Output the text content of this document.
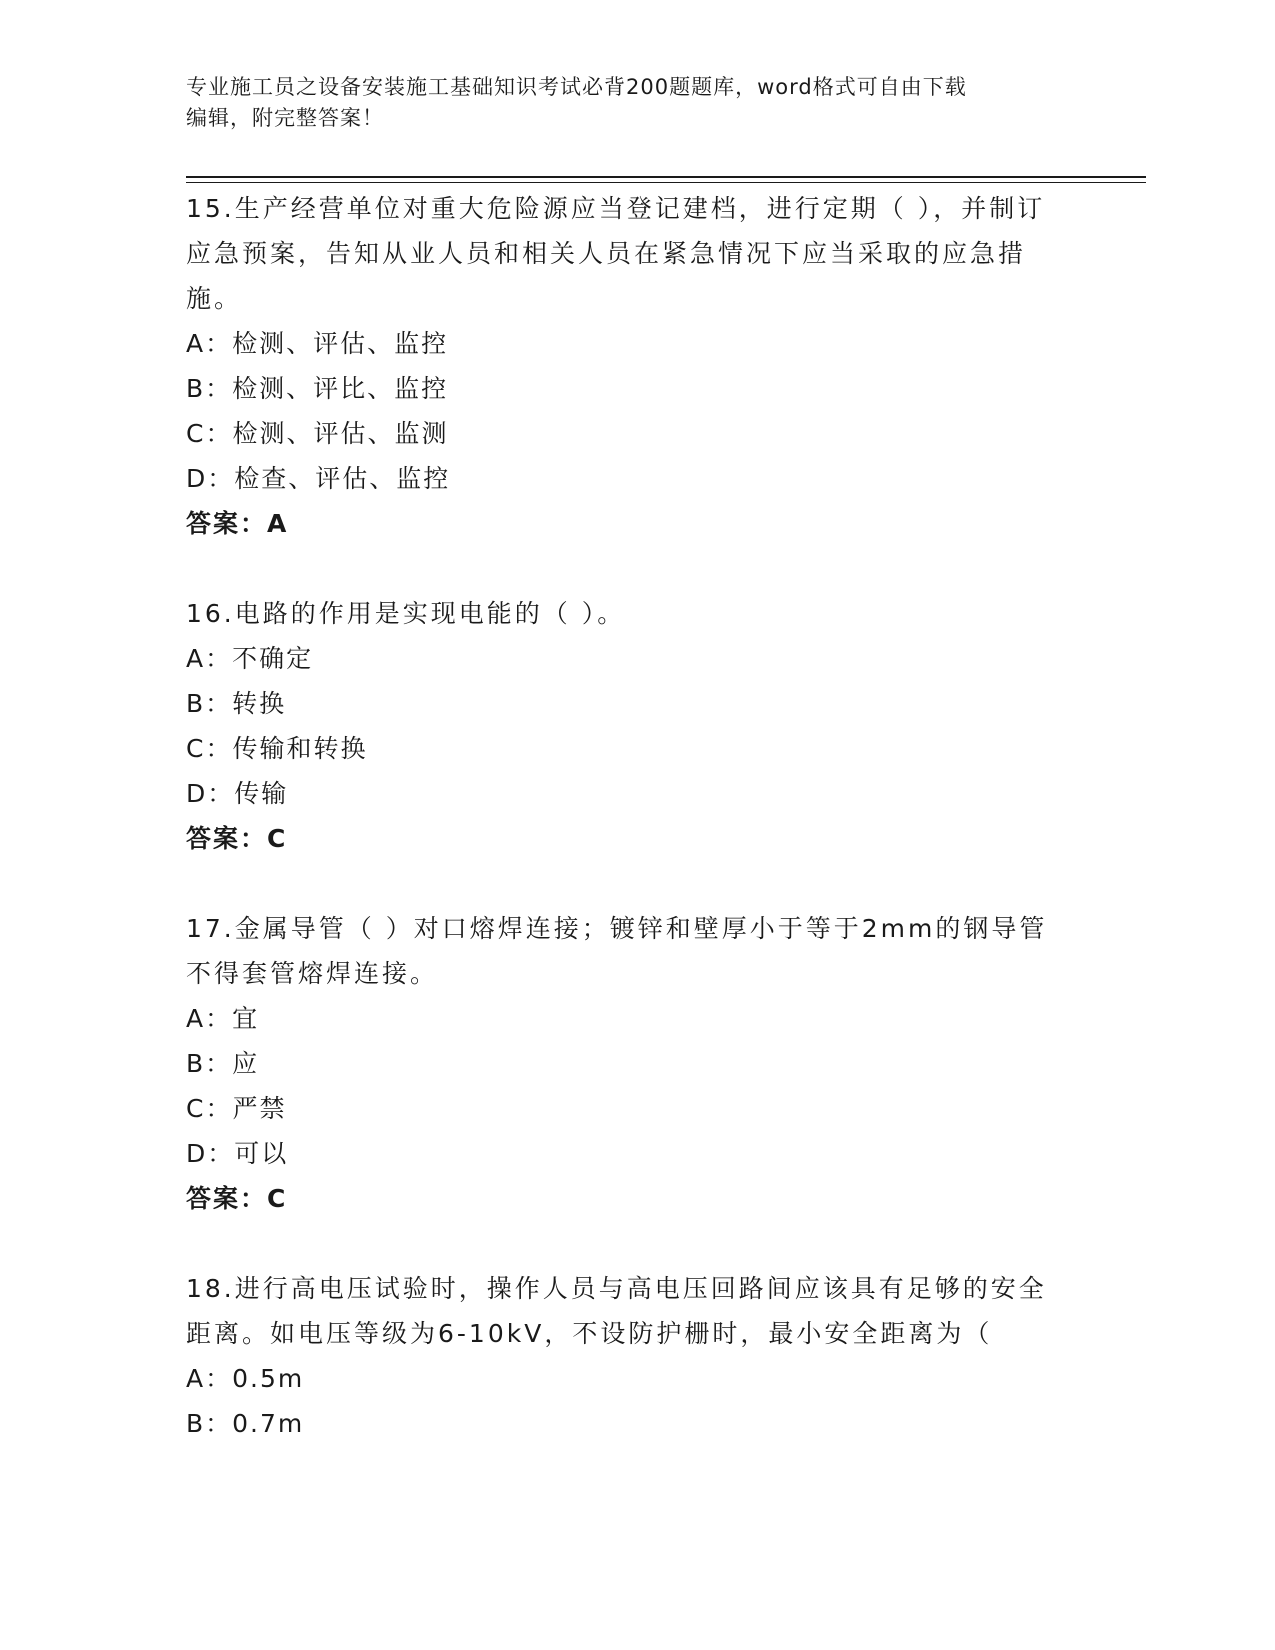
专业施工员之设备安装施工基础知识考试必背200题题库，word格式可自由下载
编辑，附完整答案！
15.生产经营单位对重大危险源应当登记建档，进行定期（ ），并制订应急预案，告知从业人员和相关人员在紧急情况下应当采取的应急措施。
A：检测、评估、监控
B：检测、评比、监控
C：检测、评估、监测
D：检查、评估、监控
答案：A
16.电路的作用是实现电能的（ ）。
A：不确定
B：转换
C：传输和转换
D：传输
答案：C
17.金属导管（ ）对口熔焊连接；镀锌和壁厚小于等于2mm的钢导管不得套管熔焊连接。
A：宜
B：应
C：严禁
D：可以
答案：C
18.进行高电压试验时，操作人员与高电压回路间应该具有足够的安全距离。如电压等级为6-10kV，不设防护栅时，最小安全距离为（
A：0.5m
B：0.7m
